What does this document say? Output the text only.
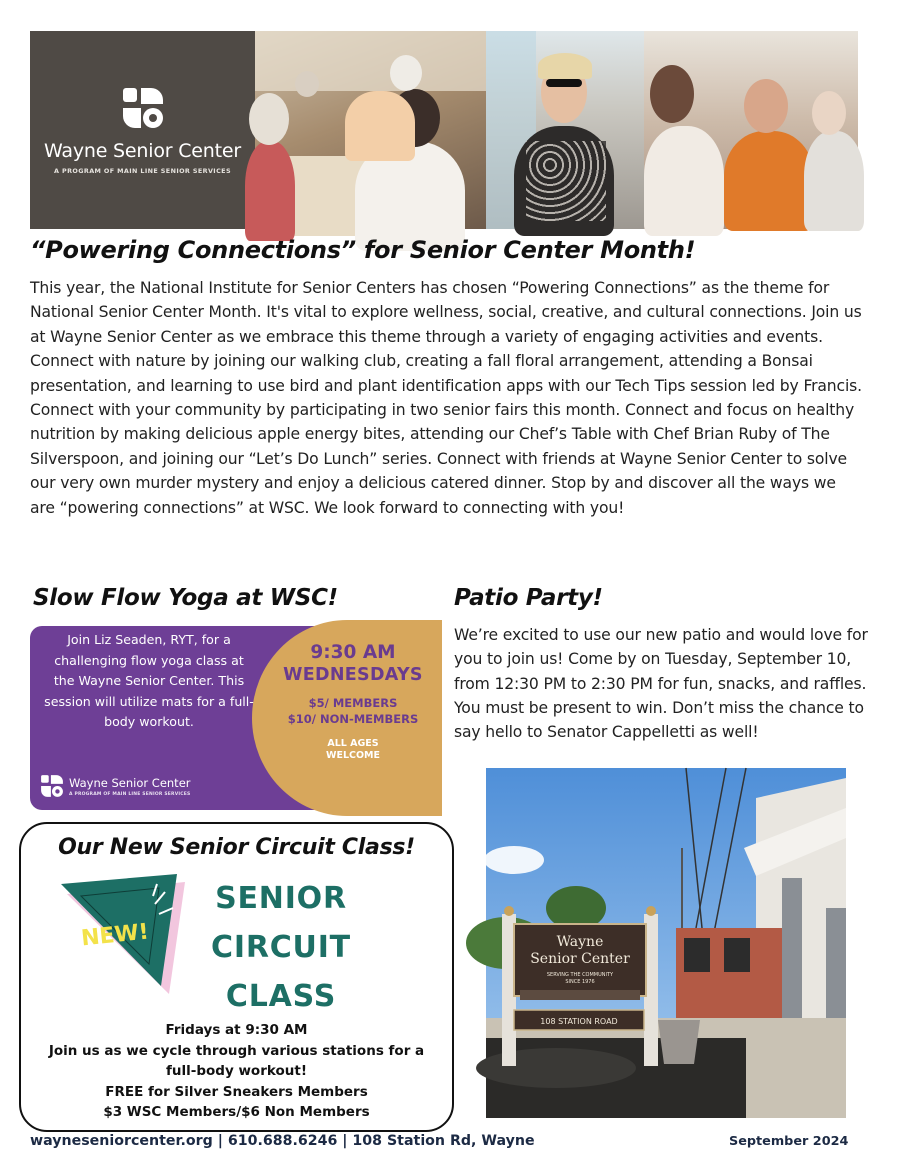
Wayne Senior Center
A PROGRAM OF MAIN LINE SENIOR SERVICES
“Powering Connections” for Senior Center Month!
This year, the National Institute for Senior Centers has chosen “Powering Connections” as the theme for National Senior Center Month. It's vital to explore wellness, social, creative, and cultural connections. Join us at Wayne Senior Center as we embrace this theme through a variety of engaging activities and events. Connect with nature by joining our walking club, creating a fall floral arrangement, attending a Bonsai presentation, and learning to use bird and plant identification apps with our Tech Tips session led by Francis. Connect with your community by participating in two senior fairs this month. Connect and focus on healthy nutrition by making delicious apple energy bites, attending our Chef’s Table with Chef Brian Ruby of The Silverspoon, and joining our “Let’s Do Lunch” series. Connect with friends at Wayne Senior Center to solve our very own murder mystery and enjoy a delicious catered dinner. Stop by and discover all the ways we are “powering connections” at WSC. We look forward to connecting with you!
Slow Flow Yoga at WSC!
Join Liz Seaden, RYT, for a challenging flow yoga class at the Wayne Senior Center. This session will utilize mats for a full-body workout.
9:30 AM
WEDNESDAYS
$5/ MEMBERS
$10/ NON-MEMBERS
ALL AGES
WELCOME
Wayne Senior Center
A PROGRAM OF MAIN LINE SENIOR SERVICES
Patio Party!
We’re excited to use our new patio and would love for you to join us! Come by on Tuesday, September 10, from 12:30 PM to 2:30 PM for fun, snacks, and raffles. You must be present to win. Don’t miss the chance to say hello to Senator Cappelletti as well!
Wayne
Senior Center
SERVING THE COMMUNITY
SINCE 1976
108 STATION ROAD
Our New Senior Circuit Class!
NEW!
SENIOR
CIRCUIT
CLASS
Fridays at 9:30 AM
Join us as we cycle through various stations for a
full-body workout!
FREE for Silver Sneakers Members
$3 WSC Members/$6 Non Members
wayneseniorcenter.org | 610.688.6246 | 108 Station Rd, Wayne	September 2024
